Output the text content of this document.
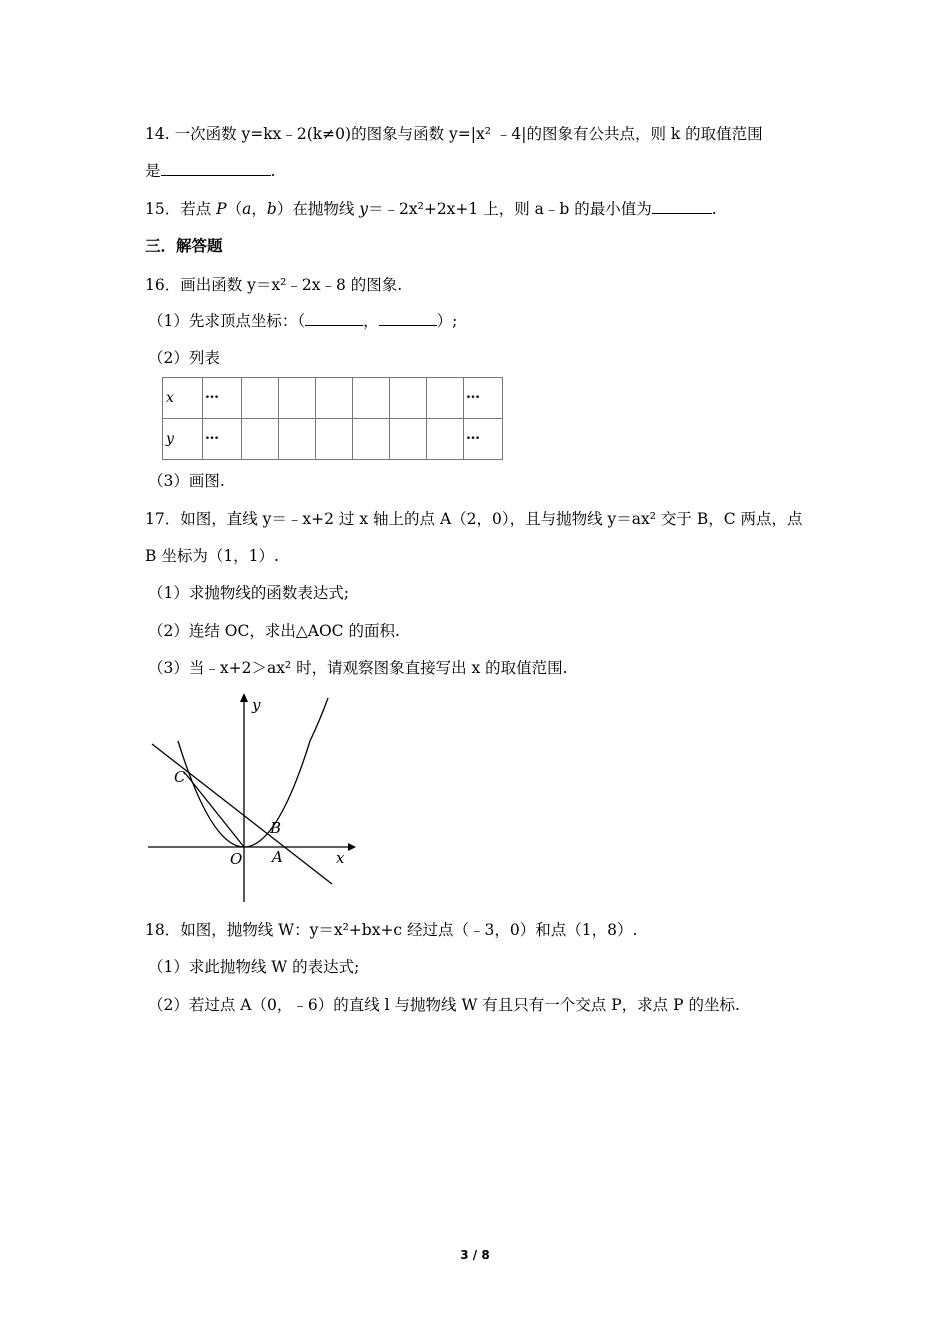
14. 一次函数 y=kx﹣2(k≠0)的图象与函数 y=|x² ﹣4|的图象有公共点，则 k 的取值范围
是	.
15．若点 P（a，b）在抛物线 y＝﹣2x²+2x+1 上，则 a﹣b 的最小值为	.
三．解答题
16．画出函数 y＝x²﹣2x﹣8 的图象.
（1）先求顶点坐标：（	，	）;
（2）列表
x	…							…
y	…							…
（3）画图.
17．如图，直线 y＝﹣x+2 过 x 轴上的点 A（2，0），且与抛物线 y＝ax² 交于 B，C 两点，点
B 坐标为（1，1）.
（1）求抛物线的函数表达式;
（2）连结 OC，求出△AOC 的面积.
（3）当﹣x+2＞ax² 时，请观察图象直接写出 x 的取值范围.
y
x
C
B
O A
18．如图，抛物线 W：y＝x²+bx+c 经过点（﹣3，0）和点（1，8）.
（1）求此抛物线 W 的表达式;
（2）若过点 A（0，﹣6）的直线 l 与抛物线 W 有且只有一个交点 P，求点 P 的坐标.
3 / 8
